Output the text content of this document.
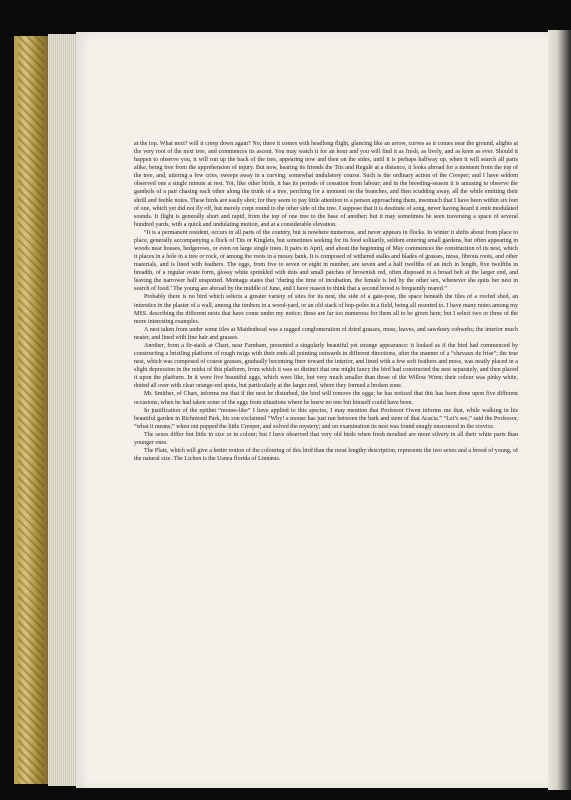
at the top. What next? will it creep down again? No; there it comes with headlong flight, glancing like an arrow, curves as it comes near the ground, alights at the very root of the next tree, and commences its ascent. You may watch it for an hour and you will find it as fresh, as lively, and as keen as ever. Should it happen to observe you, it will run up the back of the tree, appearing now and then on the sides, until it is perhaps halfway up, when it will search all parts alike, being free from the apprehension of injury. But now, hearing its friends the Tits and Regulë at a distance, it looks abroad for a moment from the top of the tree, and, uttering a few cries, sweeps away in a curving, somewhat undulatory course. Such is the ordinary action of the Creeper; and I have seldom observed one a single minute at rest. Yet, like other birds, it has its periods of cessation from labour; and in the breeding-season it is amusing to observe the gambols of a pair chasing each other along the trunk of a tree, perching for a moment on the branches, and then scudding away, all the while emitting their shrill and feeble notes. These birds are easily shot; for they seem to pay little attention to a person approaching them, insomuch that I have been within six feet of one, which yet did not fly off, but merely crept round to the other side of the tree. I suppose that it is destitute of song, never having heard it emit modulated sounds. It flight is generally short and rapid, from the top of one tree to the base of another; but it may sometimes be seen traversing a space of several hundred yards, with a quick and undulating motion, and at a considerable elevation.

“It is a permanent resident, occurs in all parts of the country, but is nowhere numerous, and never appears in flocks. In winter it shifts about from place to place, generally accompanying a flock of Tits or Kinglets, but sometimes seeking for its food solitarily, seldom entering small gardens, but often appearing in woods near houses, hedgerows, or even on large single trees. It pairs in April, and about the beginning of May commences the construction of its nest, which it places in a hole in a tree or rock, or among the roots in a mossy bank. It is composed of withered stalks and blades of grasses, moss, fibrous roots, and other materials, and is lined with feathers. The eggs, from five to seven or eight in number, are seven and a half twelfths of an inch in length, five twelfths in breadth, of a regular ovate form, glossy white sprinkled with dots and small patches of brownish red, often disposed in a broad belt at the larger end, and leaving the narrower half unspotted. Montagu states that ‘during the time of incubation, the female is fed by the other sex, whenever she quits her nest in search of food.’ The young are abroad by the middle of June, and I have reason to think that a second brood is frequently reared.”

Probably there is no bird which selects a greater variety of sites for its nest, the side of a gate-post, the space beneath the tiles of a roofed shed, an interstice in the plaster of a wall, among the timbers in a wood-yard, or an old stack of hop-poles in a field, being all resorted to. I have many notes among my MSS. describing the different nests that have come under my notice; these are far too numerous for them all to be given here; but I select two or three of the more interesting examples.

A nest taken from under some tiles at Maidenhead was a ragged conglomeration of dried grasses, moss, leaves, and sawdusty cobwebs; the interior much neater, and lined with fine hair and grasses.

Another, from a fir-stack at Chart, near Farnham, presented a singularly beautiful yet strange appearance: it looked as if the bird had commenced by constructing a bristling platform of rough twigs with their ends all pointing outwards in different directions, after the manner of a “chevaux de frise”; the true nest, which was composed of coarse grasses, gradually becoming finer toward the interior, and lined with a few soft feathers and moss, was neatly placed in a slight depression in the midst of this platform, from which it was so distinct that one might fancy the bird had constructed the nest separately, and then placed it upon the platform. In it were five beautiful eggs, which were like, but very much smaller than those of the Willow Wren; their colour was pinky white, dotted all over with clear orange-red spots, but particularly at the larger end, where they formed a broken zone.

Mr. Smither, of Chart, informs me that if the nest be disturbed, the bird will remove the eggs; he has noticed that this has been done upon five different occasions, when he had taken some of the eggs from situations where he knew no one but himself could have been.

In justification of the epithet “mouse-like” I have applied to this species, I may mention that Professor Owen informs me that, while walking in his beautiful garden in Richmond Park, his son exclaimed “Why! a mouse has just run between the bark and stem of that Acacia.” “Let’s see,” said the Professor, “what it means;” when out popped the little Creeper, and solved the mystery; and on examination its nest was found snugly ensconced in the crevice.

The sexes differ but little in size or in colour; but I have observed that very old birds when fresh moulted are more silvery in all their white parts than younger ones.

The Plate, which will give a better notion of the colouring of this bird than the most lengthy description, represents the two sexes and a brood of young, of the natural size. The Lichen is the Usnea florida of Linnæus.
